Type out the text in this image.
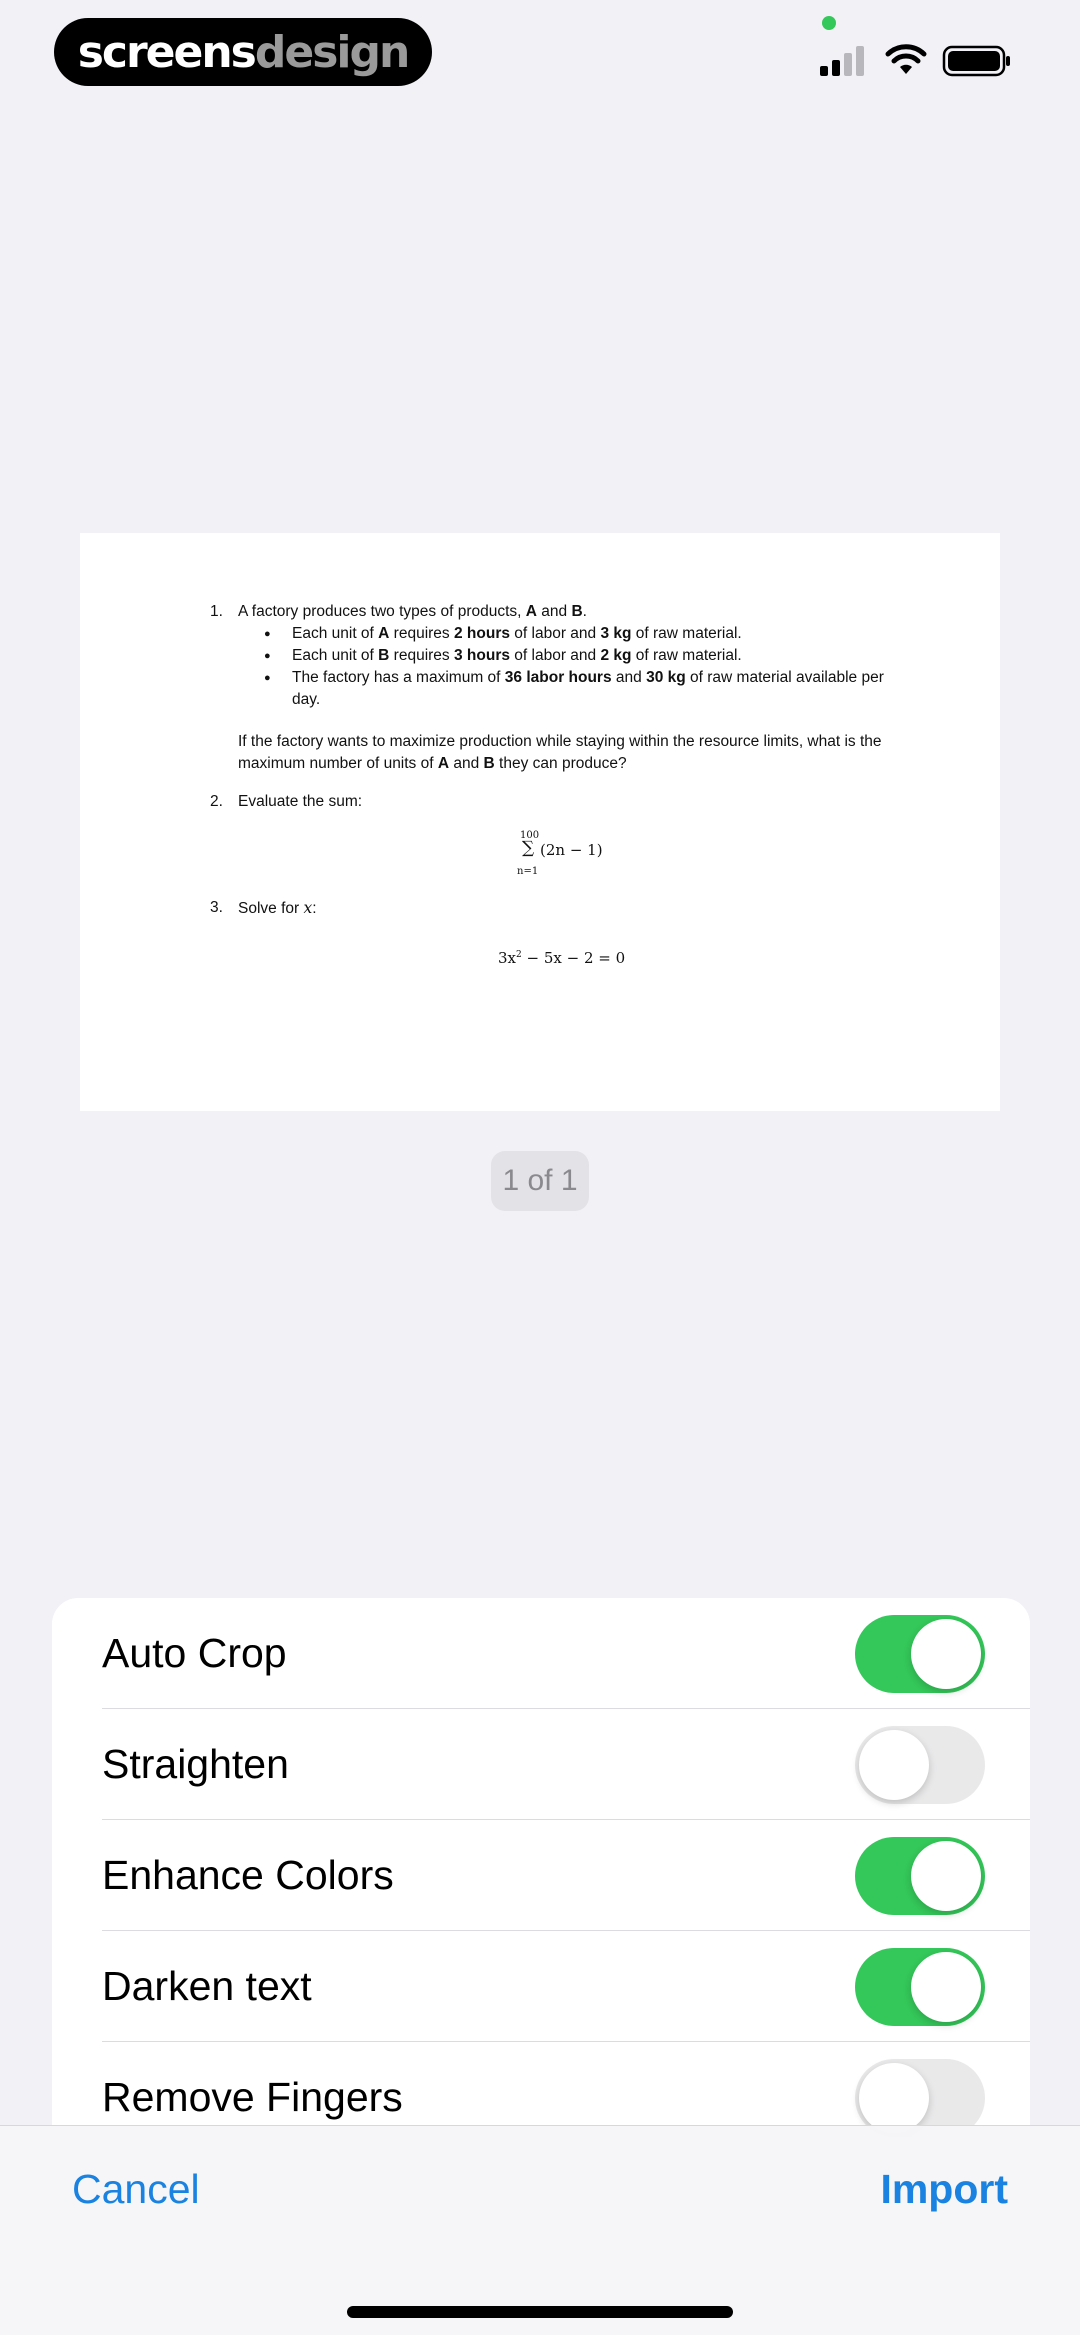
screens design
1. A factory produces two types of products, A and B.
● Each unit of A requires 2 hours of labor and 3 kg of raw material.
● Each unit of B requires 3 hours of labor and 2 kg of raw material.
● The factory has a maximum of 36 labor hours and 30 kg of raw material available per day.
If the factory wants to maximize production while staying within the resource limits, what is the maximum number of units of A and B they can produce?
2. Evaluate the sum:
100
∑ (2n − 1)
n=1
3. Solve for x:
$3x^2 - 5x - 2 = 0$
1 of 1
Auto Crop
Straighten
Enhance Colors
Darken text
Remove Fingers
Cancel	Import
